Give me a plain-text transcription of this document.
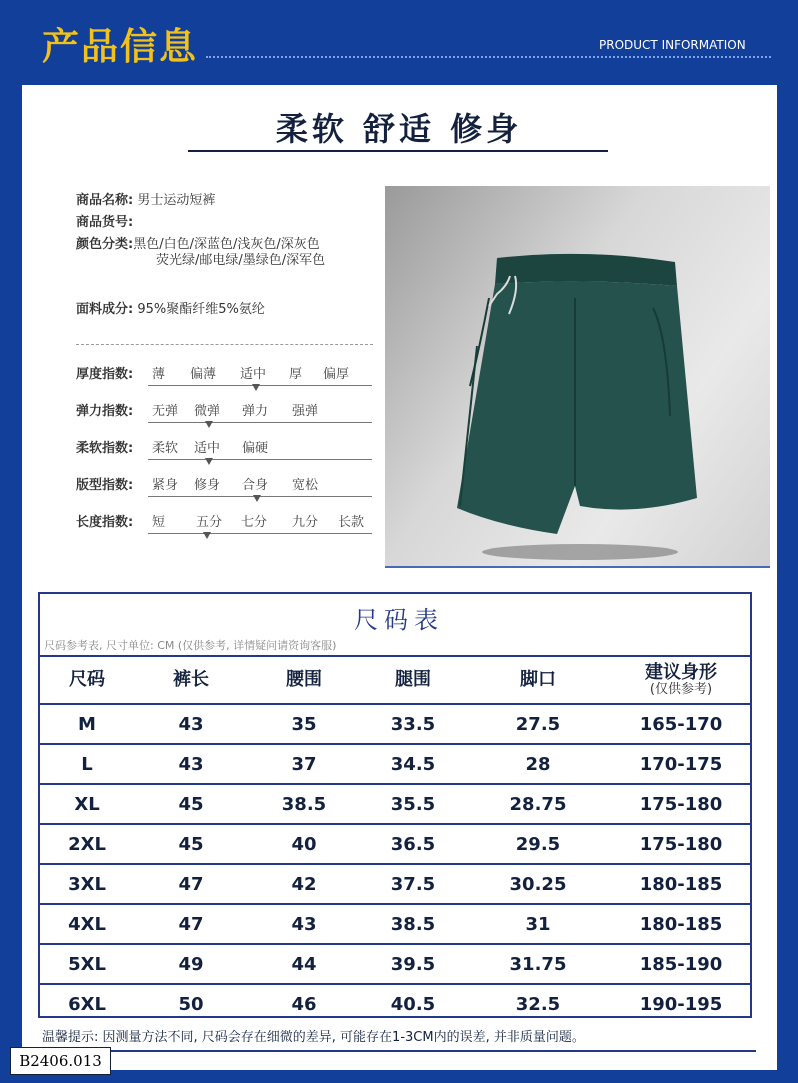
产品信息	PRODUCT INFORMATION
柔软 舒适 修身
商品名称: 男士运动短裤
商品货号:
颜色分类:黑色/白色/深蓝色/浅灰色/深灰色
荧光绿/邮电绿/墨绿色/深军色
面料成分: 95%聚酯纤维5%氨纶
厚度指数: 薄 偏薄 适中 厚 偏厚
弹力指数: 无弹 微弹 弹力 强弹
柔软指数: 柔软 适中 偏硬
版型指数: 紧身 修身 合身 宽松
长度指数: 短 五分 七分 九分 长款
尺码表
尺码参考表, 尺寸单位: CM (仅供参考, 详情疑问请资询客服)
尺码	裤长	腰围	腿围	脚口	建议身形
(仅供参考)

M	43	35	33.5	27.5	165-170
L	43	37	34.5	28	170-175
XL	45	38.5	35.5	28.75	175-180
2XL	45	40	36.5	29.5	175-180
3XL	47	42	37.5	30.25	180-185
4XL	47	43	38.5	31	180-185
5XL	49	44	39.5	31.75	185-190
6XL	50	46	40.5	32.5	190-195
温馨提示: 因测量方法不同, 尺码会存在细微的差异, 可能存在1-3CM内的误差, 并非质量问题。
B2406.013
